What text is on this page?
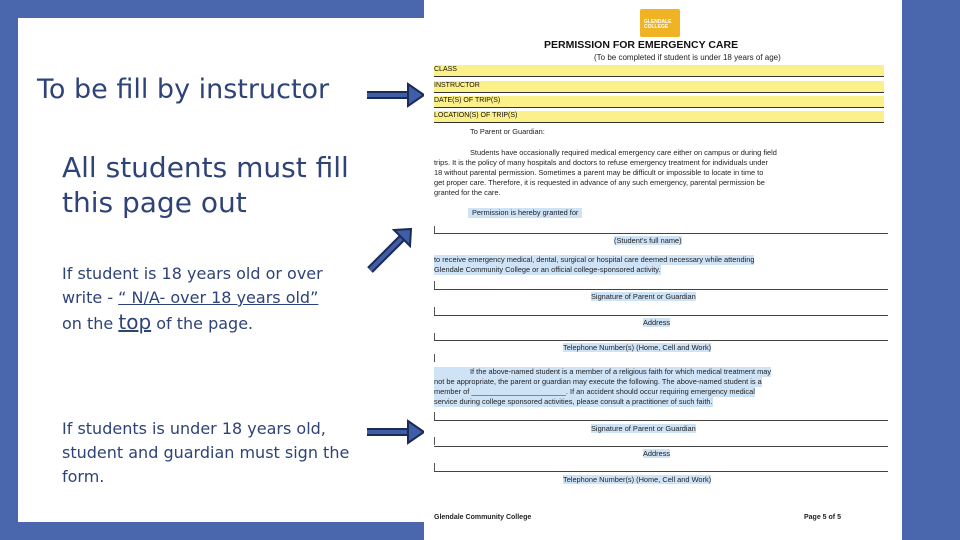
To be fill by instructor
All students must fill this page out
If student is 18 years old or over
write - “ N/A- over 18 years old”
on the top of the page.
If students is under 18 years old, student and guardian must sign the form.
GLENDALE COLLEGE
PERMISSION FOR EMERGENCY CARE
(To be completed if student is under 18 years of age)
CLASS
INSTRUCTOR
DATE(S) OF TRIP(S)
LOCATION(S) OF TRIP(S)
To Parent or Guardian:
Students have occasionally required medical emergency care either on campus or during field
trips. It is the policy of many hospitals and doctors to refuse emergency treatment for individuals under
18 without parental permission. Sometimes a parent may be difficult or impossible to locate in time to
get proper care. Therefore, it is requested in advance of any such emergency, parental permission be
granted for the care.
Permission is hereby granted for
(Student's full name)
to receive emergency medical, dental, surgical or hospital care deemed necessary while attending
Glendale Community College or an official college-sponsored activity.
Signature of Parent or Guardian
Address
Telephone Number(s) (Home, Cell and Work)
If the above-named student is a member of a religious faith for which medical treatment may
not be appropriate, the parent or guardian may execute the following. The above-named student is a
member of _______________________. If an accident should occur requiring emergency medical
service during college sponsored activities, please consult a practitioner of such faith.
Signature of Parent or Guardian
Address
Telephone Number(s) (Home, Cell and Work)
Glendale Community College	Page 5 of 5
